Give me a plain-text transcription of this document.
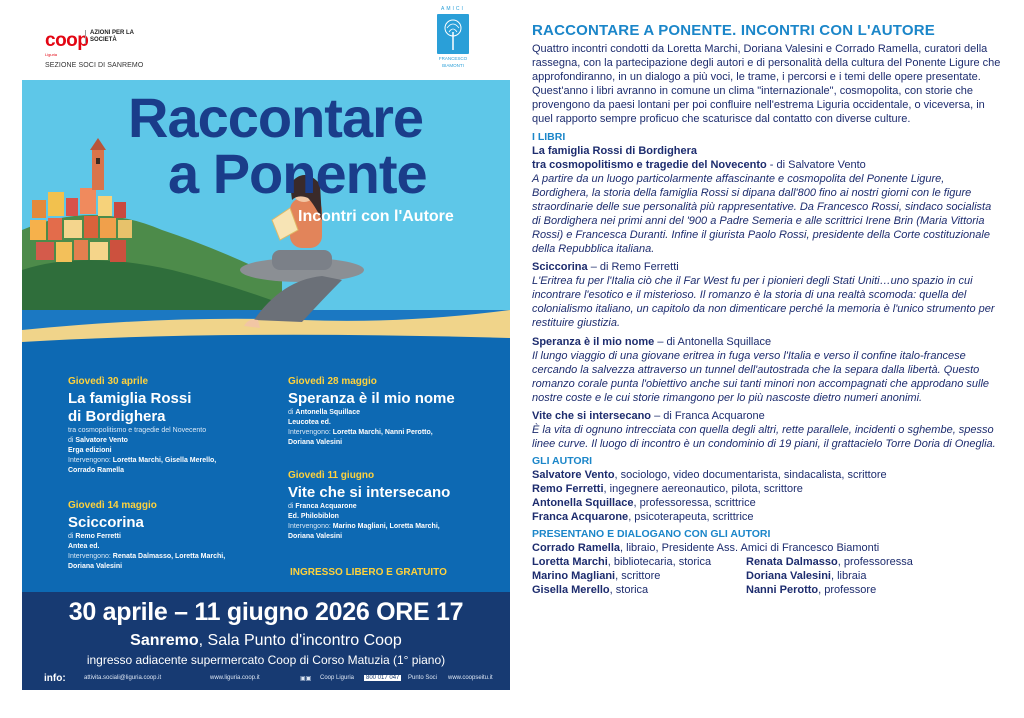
coop
Liguria
AZIONI PER LA SOCIETÀ
SEZIONE SOCI DI SANREMO
AMICI
FRANCESCO
BIAMONTI
Raccontare
a Ponente
Incontri con l'Autore
Giovedì 30 aprile
La famiglia Rossi
di Bordighera
tra cosmopolitismo e tragedie del Novecento
di Salvatore Vento
Erga edizioni
Intervengono: Loretta Marchi, Gisella Merello,
Corrado Ramella
Giovedì 14 maggio
Sciccorina
di Remo Ferretti
Antea ed.
Intervengono: Renata Dalmasso, Loretta Marchi,
Doriana Valesini
Giovedì 28 maggio
Speranza è il mio nome
di Antonella Squillace
Leucotea ed.
Intervengono: Loretta Marchi, Nanni Perotto,
Doriana Valesini
Giovedì 11 giugno
Vite che si intersecano
di Franca Acquarone
Ed. Philobiblon
Intervengono: Marino Magliani, Loretta Marchi,
Doriana Valesini
INGRESSO LIBERO E GRATUITO
30 aprile – 11 giugno 2026 ORE 17
Sanremo, Sala Punto d'incontro Coop
ingresso adiacente supermercato Coop di Corso Matuzia (1° piano)
info:	attivita.sociali@liguria.coop.it	www.liguria.coop.it	▣▣ Coop Liguria	800 017 047	Punto Soci www.coopseitu.it
RACCONTARE A PONENTE. INCONTRI CON L'AUTORE
Quattro incontri condotti da Loretta Marchi, Doriana Valesini e Corrado Ramella, curatori della rassegna, con la partecipazione degli autori e di personalità della cultura del Ponente Ligure che approfondiranno, in un dialogo a più voci, le trame, i percorsi e i temi delle opere presentate. Quest'anno i libri avranno in comune un clima "internazionale", cosmopolita, con storie che provengono da paesi lontani per poi confluire nell'estrema Liguria occidentale, o viceversa, in quel rapporto sempre proficuo che scaturisce dal contatto con diverse culture.
I LIBRI
La famiglia Rossi di Bordighera
tra cosmopolitismo e tragedie del Novecento - di Salvatore Vento
A partire da un luogo particolarmente affascinante e cosmopolita del Ponente Ligure, Bordighera, la storia della famiglia Rossi si dipana dall'800 fino ai nostri giorni con le figure straordinarie delle sue personalità più rappresentative. Da Francesco Rossi, sindaco socialista di Bordighera nei primi anni del '900 a Padre Semeria e alle scrittrici Irene Brin (Maria Vittoria Rossi) e Francesca Duranti. Infine il giurista Paolo Rossi, presidente della Corte costituzionale della Repubblica italiana.
Sciccorina – di Remo Ferretti
L'Eritrea fu per l'Italia ciò che il Far West fu per i pionieri degli Stati Uniti…uno spazio in cui incontrare l'esotico e il misterioso. Il romanzo è la storia di una realtà scomoda: quella del colonialismo italiano, un capitolo da non dimenticare perché la memoria è l'unico strumento per restituire giustizia.
Speranza è il mio nome – di Antonella Squillace
Il lungo viaggio di una giovane eritrea in fuga verso l'Italia e verso il confine italo-francese cercando la salvezza attraverso un tunnel dell'autostrada che la separa dalla libertà. Questo romanzo corale punta l'obiettivo anche sui tanti minori non accompagnati che approdano sulle nostre coste e le cui storie rimangono per lo più nascoste dietro numeri anonimi.
Vite che si intersecano – di Franca Acquarone
È la vita di ognuno intrecciata con quella degli altri, rette parallele, incidenti o sghembe, spesso linee curve. Il luogo di incontro è un condominio di 19 piani, il grattacielo Torre Doria di Oneglia.
GLI AUTORI
Salvatore Vento, sociologo, video documentarista, sindacalista, scrittore
Remo Ferretti, ingegnere aereonautico, pilota, scrittore
Antonella Squillace, professoressa, scrittrice
Franca Acquarone, psicoterapeuta, scrittrice
PRESENTANO E DIALOGANO CON GLI AUTORI
Corrado Ramella, libraio, Presidente Ass. Amici di Francesco Biamonti
Loretta Marchi, bibliotecaria, storica	Renata Dalmasso, professoressa
Marino Magliani, scrittore	Doriana Valesini, libraia
Gisella Merello, storica	Nanni Perotto, professore
